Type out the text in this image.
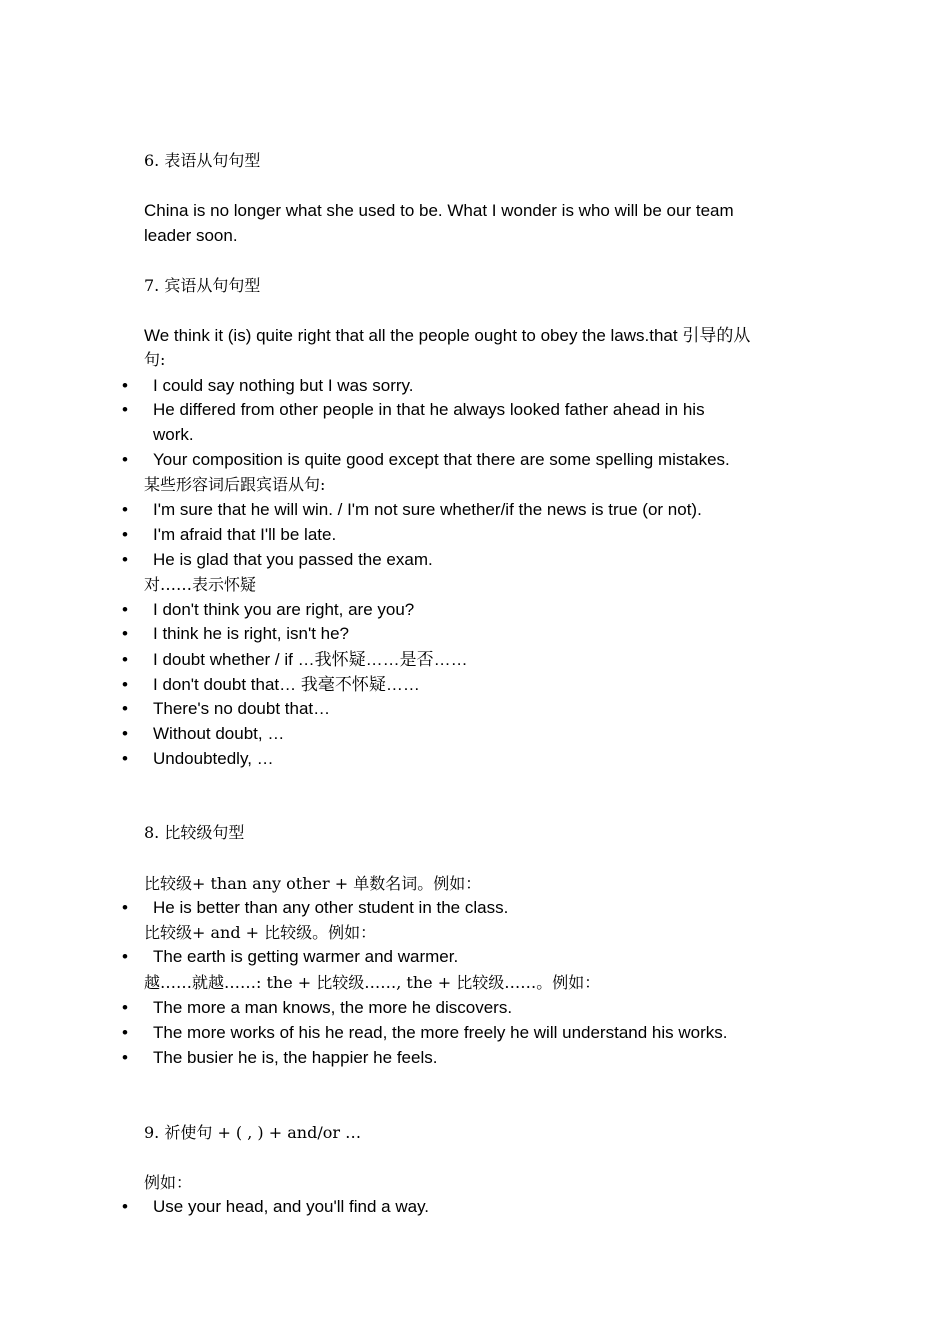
6. 表语从句句型
China is no longer what she used to be. What I wonder is who will be our team
leader soon.
7. 宾语从句句型
We think it (is) quite right that all the people ought to obey the laws.that 引导的从
句:
• I could say nothing but I was sorry.
• He differed from other people in that he always looked father ahead in his
work.
• Your composition is quite good except that there are some spelling mistakes.
某些形容词后跟宾语从句:
• I'm sure that he will win. / I'm not sure whether/if the news is true (or not).
• I'm afraid that I'll be late.
• He is glad that you passed the exam.
对……表示怀疑
• I don't think you are right, are you?
• I think he is right, isn't he?
• I doubt whether / if …我怀疑……是否……
• I don't doubt that… 我毫不怀疑……
• There's no doubt that…
• Without doubt, …
• Undoubtedly, …
8. 比较级句型
比较级+ than any other + 单数名词。例如：
• He is better than any other student in the class.
比较级+ and + 比较级。例如：
• The earth is getting warmer and warmer.
越……就越……: the + 比较级……, the + 比较级……。例如：
• The more a man knows, the more he discovers.
• The more works of his he read, the more freely he will understand his works.
• The busier he is, the happier he feels.
9. 祈使句 + ( , ) + and/or …
例如：
• Use your head, and you'll find a way.
